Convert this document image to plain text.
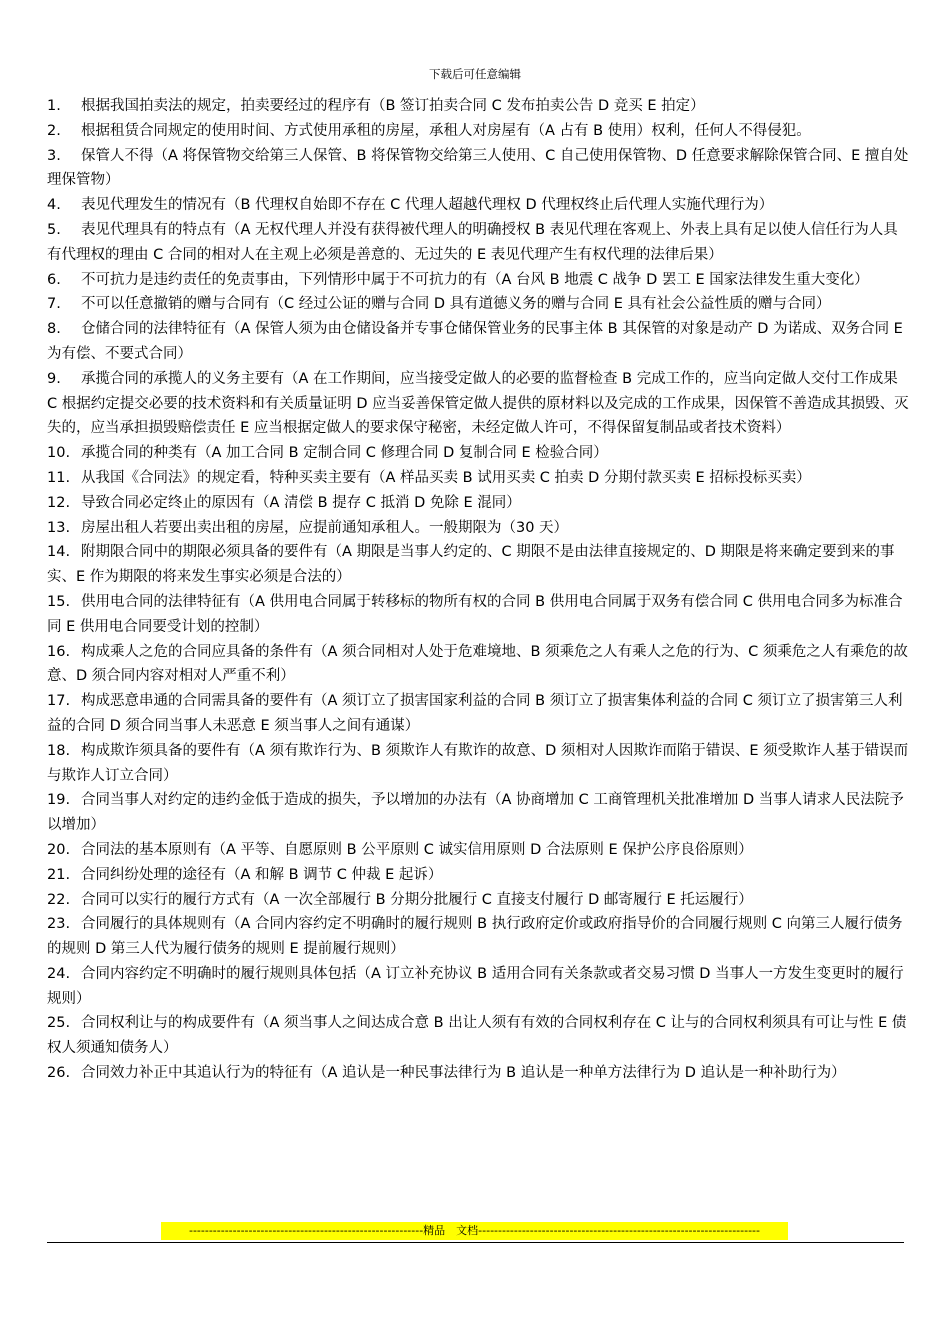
下载后可任意编辑
1. 根据我国拍卖法的规定，拍卖要经过的程序有（B 签订拍卖合同 C 发布拍卖公告 D 竞买 E 拍定）
2. 根据租赁合同规定的使用时间、方式使用承租的房屋，承租人对房屋有（A 占有 B 使用）权利，任何人不得侵犯。
3. 保管人不得（A 将保管物交给第三人保管、B 将保管物交给第三人使用、C 自己使用保管物、D 任意要求解除保管合同、E 擅自处理保管物）
4. 表见代理发生的情况有（B 代理权自始即不存在 C 代理人超越代理权 D 代理权终止后代理人实施代理行为）
5. 表见代理具有的特点有（A 无权代理人并没有获得被代理人的明确授权 B 表见代理在客观上、外表上具有足以使人信任行为人具有代理权的理由 C 合同的相对人在主观上必须是善意的、无过失的 E 表见代理产生有权代理的法律后果）
6. 不可抗力是违约责任的免责事由，下列情形中属于不可抗力的有（A 台风 B 地震 C 战争 D 罢工 E 国家法律发生重大变化）
7. 不可以任意撤销的赠与合同有（C 经过公证的赠与合同 D 具有道德义务的赠与合同 E 具有社会公益性质的赠与合同）
8. 仓储合同的法律特征有（A 保管人须为由仓储设备并专事仓储保管业务的民事主体 B 其保管的对象是动产 D 为诺成、双务合同 E 为有偿、不要式合同）
9. 承揽合同的承揽人的义务主要有（A 在工作期间，应当接受定做人的必要的监督检查 B 完成工作的，应当向定做人交付工作成果 C 根据约定提交必要的技术资料和有关质量证明 D 应当妥善保管定做人提供的原材料以及完成的工作成果，因保管不善造成其损毁、灭失的，应当承担损毁赔偿责任 E 应当根据定做人的要求保守秘密，未经定做人许可，不得保留复制品或者技术资料）
10. 承揽合同的种类有（A 加工合同 B 定制合同 C 修理合同 D 复制合同 E 检验合同）
11. 从我国《合同法》的规定看，特种买卖主要有（A 样品买卖 B 试用买卖 C 拍卖 D 分期付款买卖 E 招标投标买卖）
12. 导致合同必定终止的原因有（A 清偿 B 提存 C 抵消 D 免除 E 混同）
13. 房屋出租人若要出卖出租的房屋，应提前通知承租人。一般期限为（30 天）
14. 附期限合同中的期限必须具备的要件有（A 期限是当事人约定的、C 期限不是由法律直接规定的、D 期限是将来确定要到来的事实、E 作为期限的将来发生事实必须是合法的）
15. 供用电合同的法律特征有（A 供用电合同属于转移标的物所有权的合同 B 供用电合同属于双务有偿合同 C 供用电合同多为标准合同 E 供用电合同要受计划的控制）
16. 构成乘人之危的合同应具备的条件有（A 须合同相对人处于危难境地、B 须乘危之人有乘人之危的行为、C 须乘危之人有乘危的故意、D 须合同内容对相对人严重不利）
17. 构成恶意串通的合同需具备的要件有（A 须订立了损害国家利益的合同 B 须订立了损害集体利益的合同 C 须订立了损害第三人利益的合同 D 须合同当事人未恶意 E 须当事人之间有通谋）
18. 构成欺诈须具备的要件有（A 须有欺诈行为、B 须欺诈人有欺诈的故意、D 须相对人因欺诈而陷于错误、E 须受欺诈人基于错误而与欺诈人订立合同）
19. 合同当事人对约定的违约金低于造成的损失，予以增加的办法有（A 协商增加 C 工商管理机关批准增加 D 当事人请求人民法院予以增加）
20. 合同法的基本原则有（A 平等、自愿原则 B 公平原则 C 诚实信用原则 D 合法原则 E 保护公序良俗原则）
21. 合同纠纷处理的途径有（A 和解 B 调节 C 仲裁 E 起诉）
22. 合同可以实行的履行方式有（A 一次全部履行 B 分期分批履行 C 直接支付履行 D 邮寄履行 E 托运履行）
23. 合同履行的具体规则有（A 合同内容约定不明确时的履行规则 B 执行政府定价或政府指导价的合同履行规则 C 向第三人履行债务的规则 D 第三人代为履行债务的规则 E 提前履行规则）
24. 合同内容约定不明确时的履行规则具体包括（A 订立补充协议 B 适用合同有关条款或者交易习惯 D 当事人一方发生变更时的履行规则）
25. 合同权利让与的构成要件有（A 须当事人之间达成合意 B 出让人须有有效的合同权利存在 C 让与的合同权利须具有可让与性 E 债权人须通知债务人）
26. 合同效力补正中其追认行为的特征有（A 追认是一种民事法律行为 B 追认是一种单方法律行为 D 追认是一种补助行为）
-----------------------------------------------------------精品　文档-----------------------------------------------------------------------
